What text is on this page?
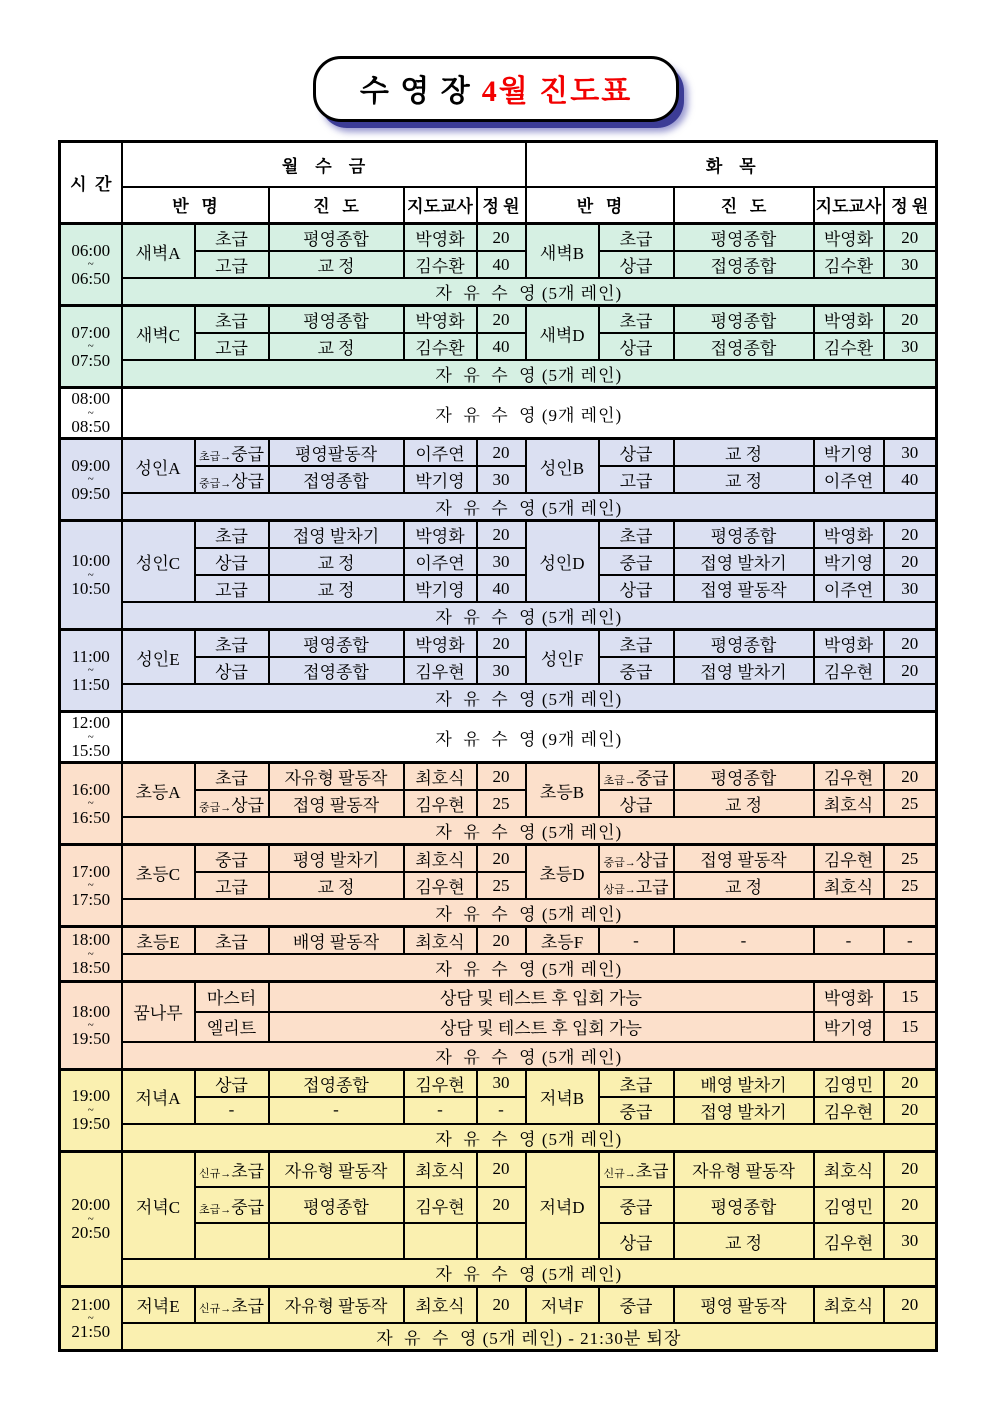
수 영 장 4월 진도표
시  간	월    수    금					화    목				
	반   명		진   도	지도교사	정 원	반   명		진   도	지도교사	정 원

06:00
~
06:50	새벽A	초급	평영종합	박영화	20	새벽B	초급	평영종합	박영화	20
		고급	교 정	김수환	40		상급	접영종합	김수환	30
	자  유  수  영 (5개 레인)									

07:00
~
07:50	새벽C	초급	평영종합	박영화	20	새벽D	초급	평영종합	박영화	20
		고급	교 정	김수환	40		상급	접영종합	김수환	30
	자  유  수  영 (5개 레인)									

08:00
~
08:50	자  유  수  영 (9개 레인)									

09:00
~
09:50	성인A	초급→중급	평영팔동작	이주연	20	성인B	상급	교 정	박기영	30
		중급→상급	접영종합	박기영	30		고급	교 정	이주연	40
	자  유  수  영 (5개 레인)									

10:00
~
10:50	성인C	초급	접영 발차기	박영화	20	성인D	초급	평영종합	박영화	20
		상급	교 정	이주연	30		중급	접영 발차기	박기영	20
		고급	교 정	박기영	40		상급	접영 팔동작	이주연	30
	자  유  수  영 (5개 레인)									

11:00
~
11:50	성인E	초급	평영종합	박영화	20	성인F	초급	평영종합	박영화	20
		상급	접영종합	김우현	30		중급	접영 발차기	김우현	20
	자  유  수  영 (5개 레인)									

12:00
~
15:50	자  유  수  영 (9개 레인)									

16:00
~
16:50	초등A	초급	자유형 팔동작	최호식	20	초등B	초급→중급	평영종합	김우현	20
		중급→상급	접영 팔동작	김우현	25		상급	교 정	최호식	25
	자  유  수  영 (5개 레인)									

17:00
~
17:50	초등C	중급	평영 발차기	최호식	20	초등D	중급→상급	접영 팔동작	김우현	25
		고급	교 정	김우현	25		상급→고급	교 정	최호식	25
	자  유  수  영 (5개 레인)									

18:00
~
18:50	초등E	초급	배영 팔동작	최호식	20	초등F	-	-	-	-
	자  유  수  영 (5개 레인)									

18:00
~
19:50	꿈나무	마스터	상담 및 테스트 후 입회 가능						박영화	15
		엘리트	상담 및 테스트 후 입회 가능						박기영	15
	자  유  수  영 (5개 레인)									

19:00
~
19:50	저녁A	상급	접영종합	김우현	30	저녁B	초급	배영 발차기	김영민	20
		-	-	-	-		중급	접영 발차기	김우현	20
	자  유  수  영 (5개 레인)									

20:00
~
20:50	저녁C	신규→초급	자유형 팔동작	최호식	20	저녁D	신규→초급	자유형 팔동작	최호식	20
		초급→중급	평영종합	김우현	20		중급	평영종합	김영민	20
							상급	교 정	김우현	30
	자  유  수  영 (5개 레인)									

21:00
~
21:50	저녁E	신규→초급	자유형 팔동작	최호식	20	저녁F	중급	평영 팔동작	최호식	20
	자  유  수  영 (5개 레인) - 21:30분 퇴장									
